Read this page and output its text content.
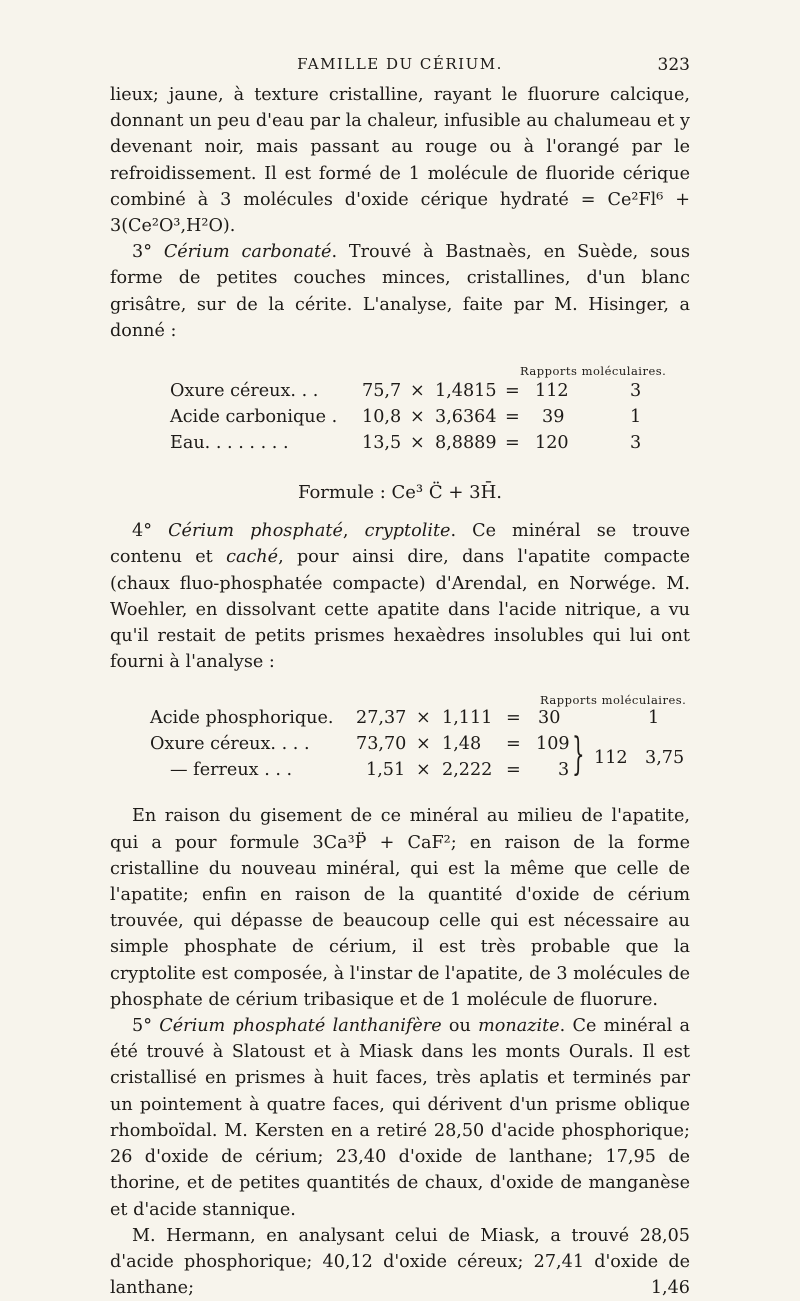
FAMILLE DU CÉRIUM.	323

lieux; jaune, à texture cristalline, rayant le fluorure calcique, donnant un peu d'eau par la chaleur, infusible au chalumeau et y devenant noir, mais passant au rouge ou à l'orangé par le refroidissement. Il est formé de 1 molécule de fluoride cérique combiné à 3 molécules d'oxide cérique hydraté = Ce²Fl⁶ + 3(Ce²O³,H²O).

3° Cérium carbonaté. Trouvé à Bastnaès, en Suède, sous forme de petites couches minces, cristallines, d'un blanc grisâtre, sur de la cérite. L'analyse, faite par M. Hisinger, a donné :

Rapports moléculaires.
Oxure céreux. . . 75,7 × 1,4815 = 112	3
Acide carbonique . 10,8 × 3,6364 = 39	1
Eau. . . . . . . .	13,5 × 8,8889 = 120	3
Formule : Ce³ C̈ + 3H̄.

4° Cérium phosphaté, cryptolite. Ce minéral se trouve contenu et caché, pour ainsi dire, dans l'apatite compacte (chaux fluo-phosphatée compacte) d'Arendal, en Norwége. M. Woehler, en dissolvant cette apatite dans l'acide nitrique, a vu qu'il restait de petits prismes hexaèdres insolubles qui lui ont fourni à l'analyse :

Rapports moléculaires.
Acide phosphorique. 27,37 × 1,111 = 30	1
Oxure céreux. . . .	73,70 × 1,48 = 109
— ferreux . . .	1,51 × 2,222 = 3 } 112 3,75

En raison du gisement de ce minéral au milieu de l'apatite, qui a pour formule 3Ca³P̈ + CaF²; en raison de la forme cristalline du nouveau minéral, qui est la même que celle de l'apatite; enfin en raison de la quantité d'oxide de cérium trouvée, qui dépasse de beaucoup celle qui est nécessaire au simple phosphate de cérium, il est très probable que la cryptolite est composée, à l'instar de l'apatite, de 3 molécules de phosphate de cérium tribasique et de 1 molécule de fluorure.

5° Cérium phosphaté lanthanifère ou monazite. Ce minéral a été trouvé à Slatoust et à Miask dans les monts Ourals. Il est cristallisé en prismes à huit faces, très aplatis et terminés par un pointement à quatre faces, qui dérivent d'un prisme oblique rhomboïdal. M. Kersten en a retiré 28,50 d'acide phosphorique; 26 d'oxide de cérium; 23,40 d'oxide de lanthane; 17,95 de thorine, et de petites quantités de chaux, d'oxide de manganèse et d'acide stannique.

M. Hermann, en analysant celui de Miask, a trouvé 28,05 d'acide phosphorique; 40,12 d'oxide céreux; 27,41 d'oxide de lanthane; 1,46
